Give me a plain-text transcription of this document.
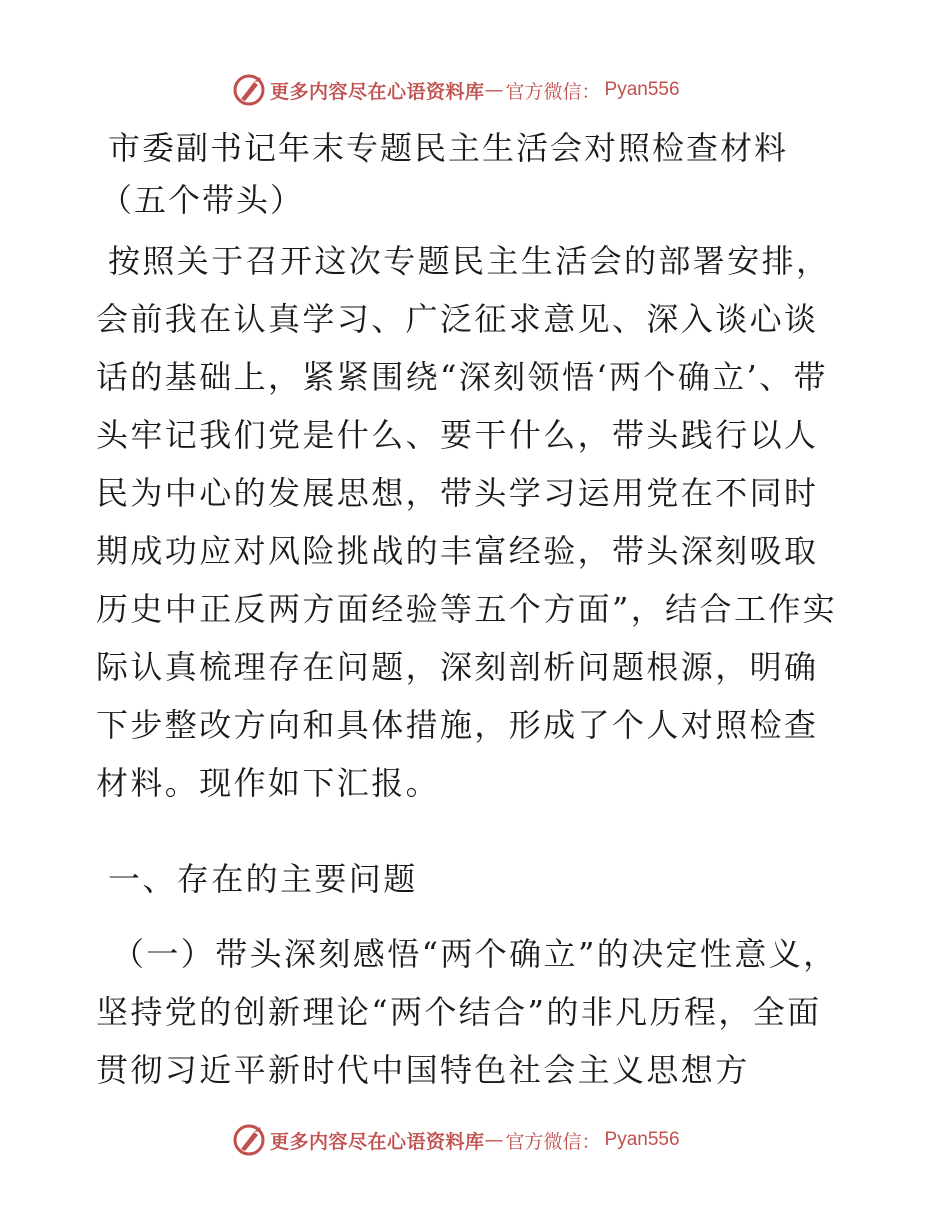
更多内容尽在心语资料库 — 官方微信： Pyan556
市委副书记年末专题民主生活会对照检查材料
（五个带头）
按照关于召开这次专题民主生活会的部署安排，会前我在认真学习、广泛征求意见、深入谈心谈话的基础上，紧紧围绕“深刻领悟‘两个确立’、带头牢记我们党是什么、要干什么，带头践行以人民为中心的发展思想，带头学习运用党在不同时期成功应对风险挑战的丰富经验，带头深刻吸取历史中正反两方面经验等五个方面”，结合工作实际认真梳理存在问题，深刻剖析问题根源，明确下步整改方向和具体措施，形成了个人对照检查材料。现作如下汇报。
一、存在的主要问题
（一）带头深刻感悟“两个确立”的决定性意义，坚持党的创新理论“两个结合”的非凡历程，全面贯彻习近平新时代中国特色社会主义思想方
更多内容尽在心语资料库 — 官方微信： Pyan556
